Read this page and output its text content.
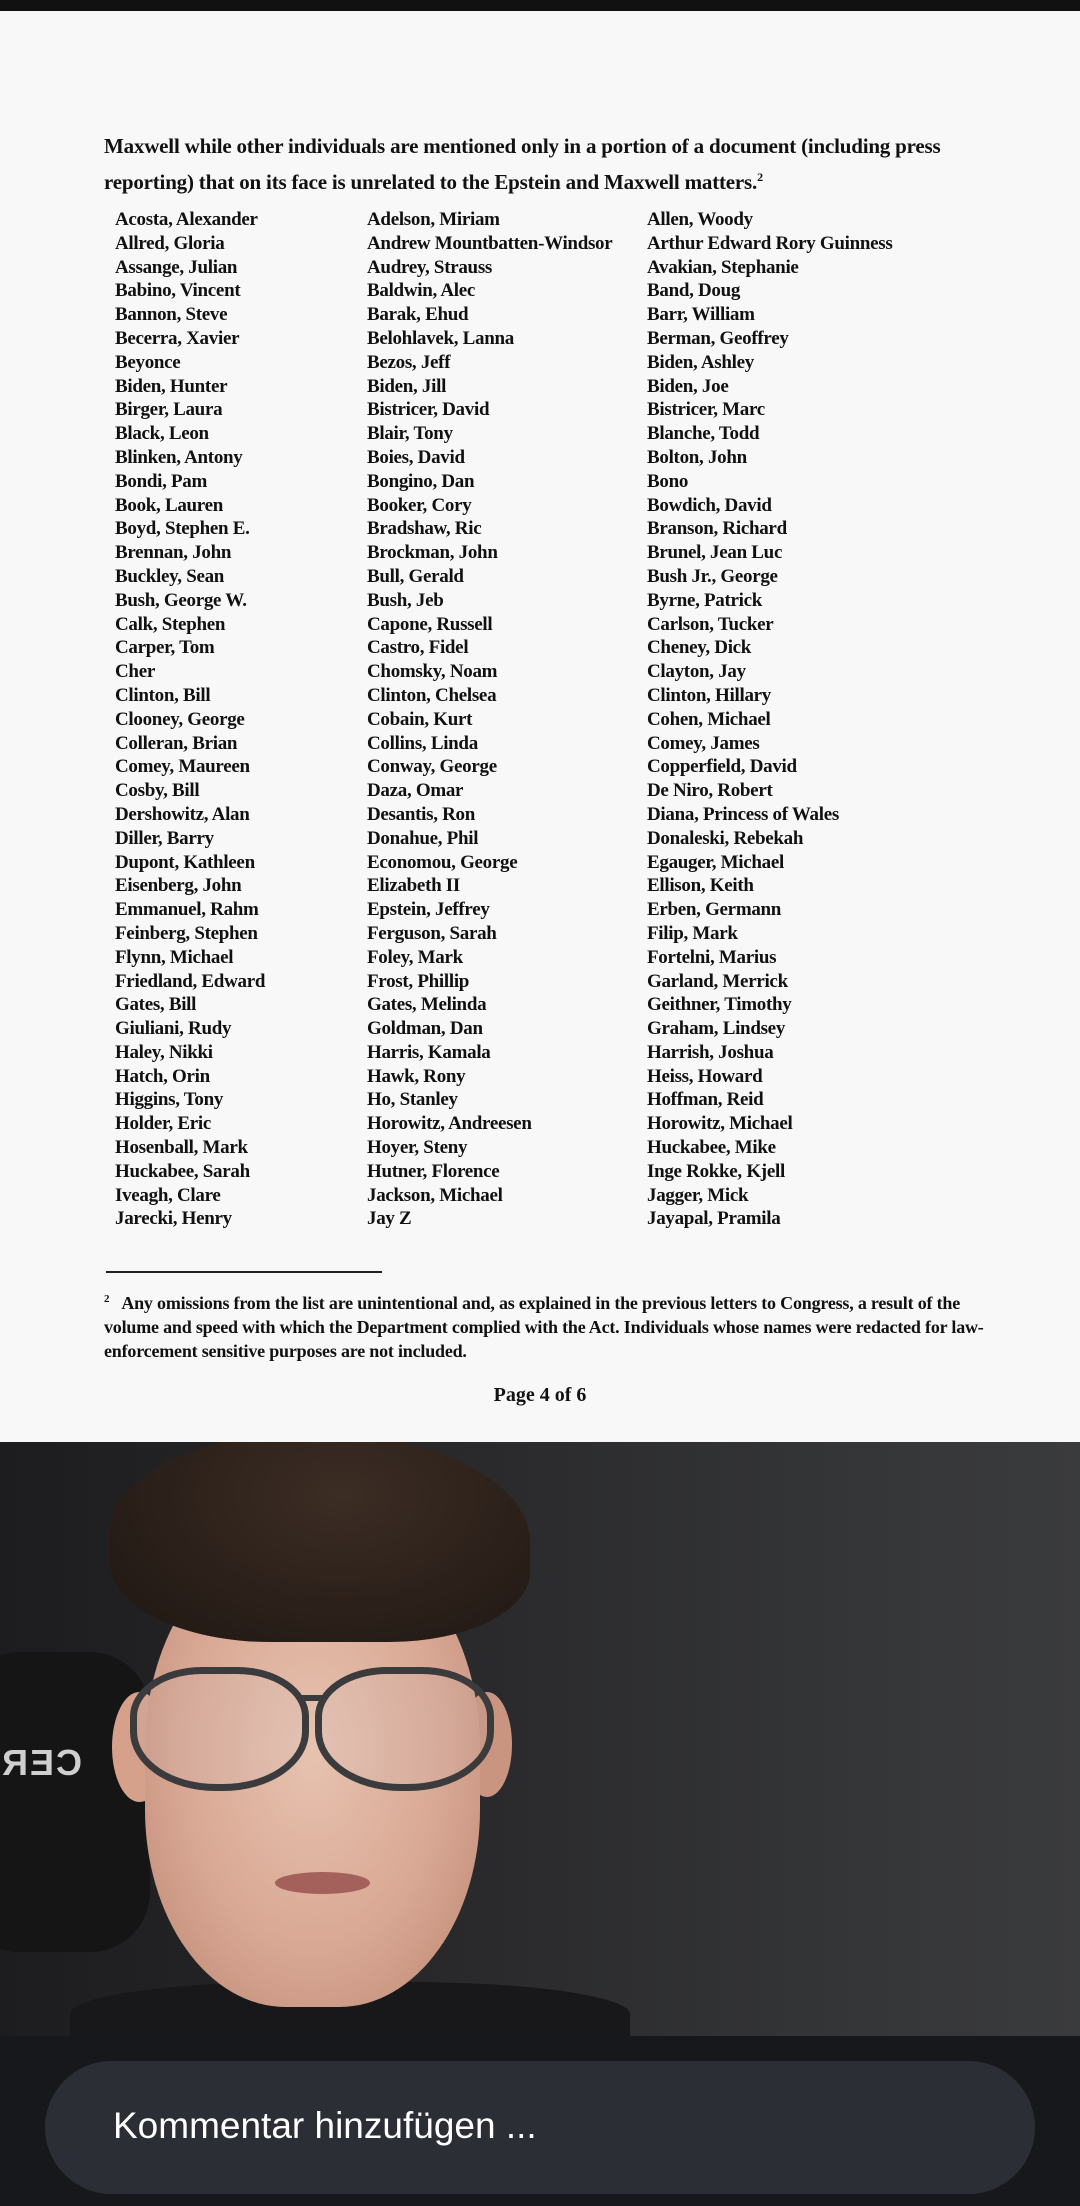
Maxwell while other individuals are mentioned only in a portion of a document (including press
reporting) that on its face is unrelated to the Epstein and Maxwell matters.$^2$
Acosta, Alexander
Allred, Gloria
Assange, Julian
Babino, Vincent
Bannon, Steve
Becerra, Xavier
Beyonce
Biden, Hunter
Birger, Laura
Black, Leon
Blinken, Antony
Bondi, Pam
Book, Lauren
Boyd, Stephen E.
Brennan, John
Buckley, Sean
Bush, George W.
Calk, Stephen
Carper, Tom
Cher
Clinton, Bill
Clooney, George
Colleran, Brian
Comey, Maureen
Cosby, Bill
Dershowitz, Alan
Diller, Barry
Dupont, Kathleen
Eisenberg, John
Emmanuel, Rahm
Feinberg, Stephen
Flynn, Michael
Friedland, Edward
Gates, Bill
Giuliani, Rudy
Haley, Nikki
Hatch, Orin
Higgins, Tony
Holder, Eric
Hosenball, Mark
Huckabee, Sarah
Iveagh, Clare
Jarecki, Henry
Adelson, Miriam
Andrew Mountbatten-Windsor
Audrey, Strauss
Baldwin, Alec
Barak, Ehud
Belohlavek, Lanna
Bezos, Jeff
Biden, Jill
Bistricer, David
Blair, Tony
Boies, David
Bongino, Dan
Booker, Cory
Bradshaw, Ric
Brockman, John
Bull, Gerald
Bush, Jeb
Capone, Russell
Castro, Fidel
Chomsky, Noam
Clinton, Chelsea
Cobain, Kurt
Collins, Linda
Conway, George
Daza, Omar
Desantis, Ron
Donahue, Phil
Economou, George
Elizabeth II
Epstein, Jeffrey
Ferguson, Sarah
Foley, Mark
Frost, Phillip
Gates, Melinda
Goldman, Dan
Harris, Kamala
Hawk, Rony
Ho, Stanley
Horowitz, Andreesen
Hoyer, Steny
Hutner, Florence
Jackson, Michael
Jay Z
Allen, Woody
Arthur Edward Rory Guinness
Avakian, Stephanie
Band, Doug
Barr, William
Berman, Geoffrey
Biden, Ashley
Biden, Joe
Bistricer, Marc
Blanche, Todd
Bolton, John
Bono
Bowdich, David
Branson, Richard
Brunel, Jean Luc
Bush Jr., George
Byrne, Patrick
Carlson, Tucker
Cheney, Dick
Clayton, Jay
Clinton, Hillary
Cohen, Michael
Comey, James
Copperfield, David
De Niro, Robert
Diana, Princess of Wales
Donaleski, Rebekah
Egauger, Michael
Ellison, Keith
Erben, Germann
Filip, Mark
Fortelni, Marius
Garland, Merrick
Geithner, Timothy
Graham, Lindsey
Harrish, Joshua
Heiss, Howard
Hoffman, Reid
Horowitz, Michael
Huckabee, Mike
Inge Rokke, Kjell
Jagger, Mick
Jayapal, Pramila
$^2$ Any omissions from the list are unintentional and, as explained in the previous letters to Congress, a result of the volume and speed with which the Department complied with the Act. Individuals whose names were redacted for law-enforcement sensitive purposes are not included.
Page 4 of 6
CER
Kommentar hinzufügen ...
